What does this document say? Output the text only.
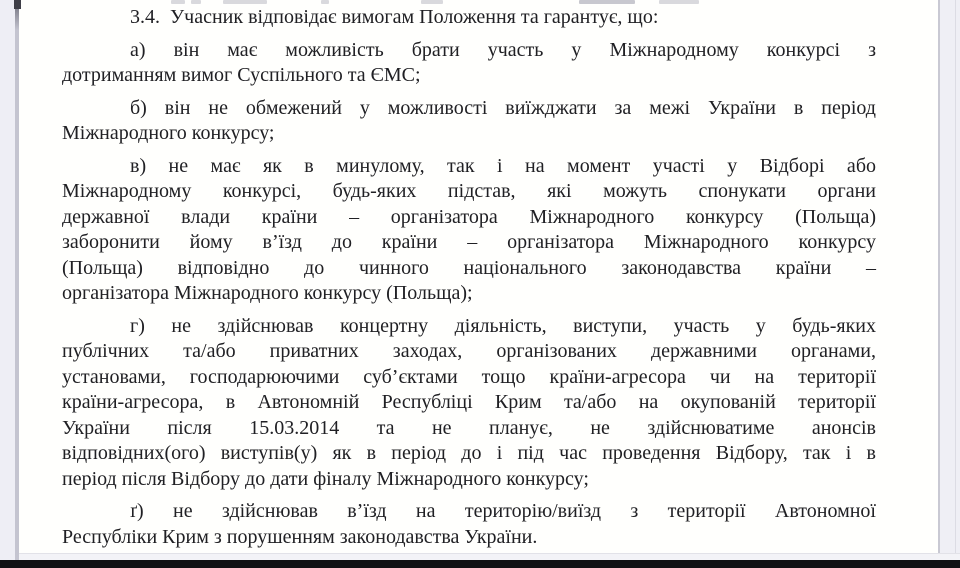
3.4.  Учасник відповідає вимогам Положення та гарантує, що:
а) він має можливість брати участь у Міжнародному конкурсі з
дотриманням вимог Суспільного та ЄМС;
б) він не обмежений у можливості виїжджати за межі України в період
Міжнародного конкурсу;
в) не має як в минулому, так і на момент участі у Відборі або
Міжнародному конкурсі, будь-яких підстав, які можуть спонукати органи
державної влади країни – організатора Міжнародного конкурсу (Польща)
заборонити йому в’їзд до країни – організатора Міжнародного конкурсу
(Польща) відповідно до чинного національного законодавства країни –
організатора Міжнародного конкурсу (Польща);
г) не здійснював концертну діяльність, виступи, участь у будь-яких
публічних та/або приватних заходах, організованих державними органами,
установами, господарюючими суб’єктами тощо країни-агресора чи на території
країни-агресора, в Автономній Республіці Крим та/або на окупованій території
України після 15.03.2014 та не планує, не здійснюватиме анонсів
відповідних(ого) виступів(у) як в період до і під час проведення Відбору, так і в
період після Відбору до дати фіналу Міжнародного конкурсу;
ґ) не здійснював в’їзд на територію/виїзд з території Автономної
Республіки Крим з порушенням законодавства України.
